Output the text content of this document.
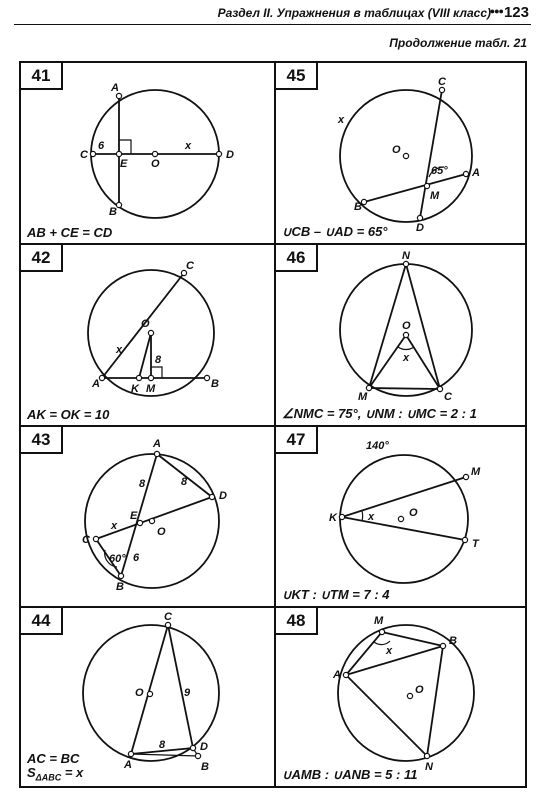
Раздел II. Упражнения в таблицах (VIII класс)
●●● 123
Продолжение табл. 21
A
B
C	D
E O
6	x
41
AB + CE = CD
C
D
B
A
M
O
x
65°
45
∪CB – ∪AD = 65°
A	B
C
O
K M
x
8
42
AK = OK = 10
N
M	C
O
x
46
∠NMC = 75°, ∪NM : ∪MC = 2 : 1
A
B
C
D
E
O
x
8	8
60° 6
43
K
M
T
O
x
140°
47
∪KT : ∪TM = 7 : 4
C
A	B
D
O	9
8
44
AC = BC
$S_{\Delta ABC} = x$
M
B
A
N
O
x
48
∪AMB : ∪ANB = 5 : 11
